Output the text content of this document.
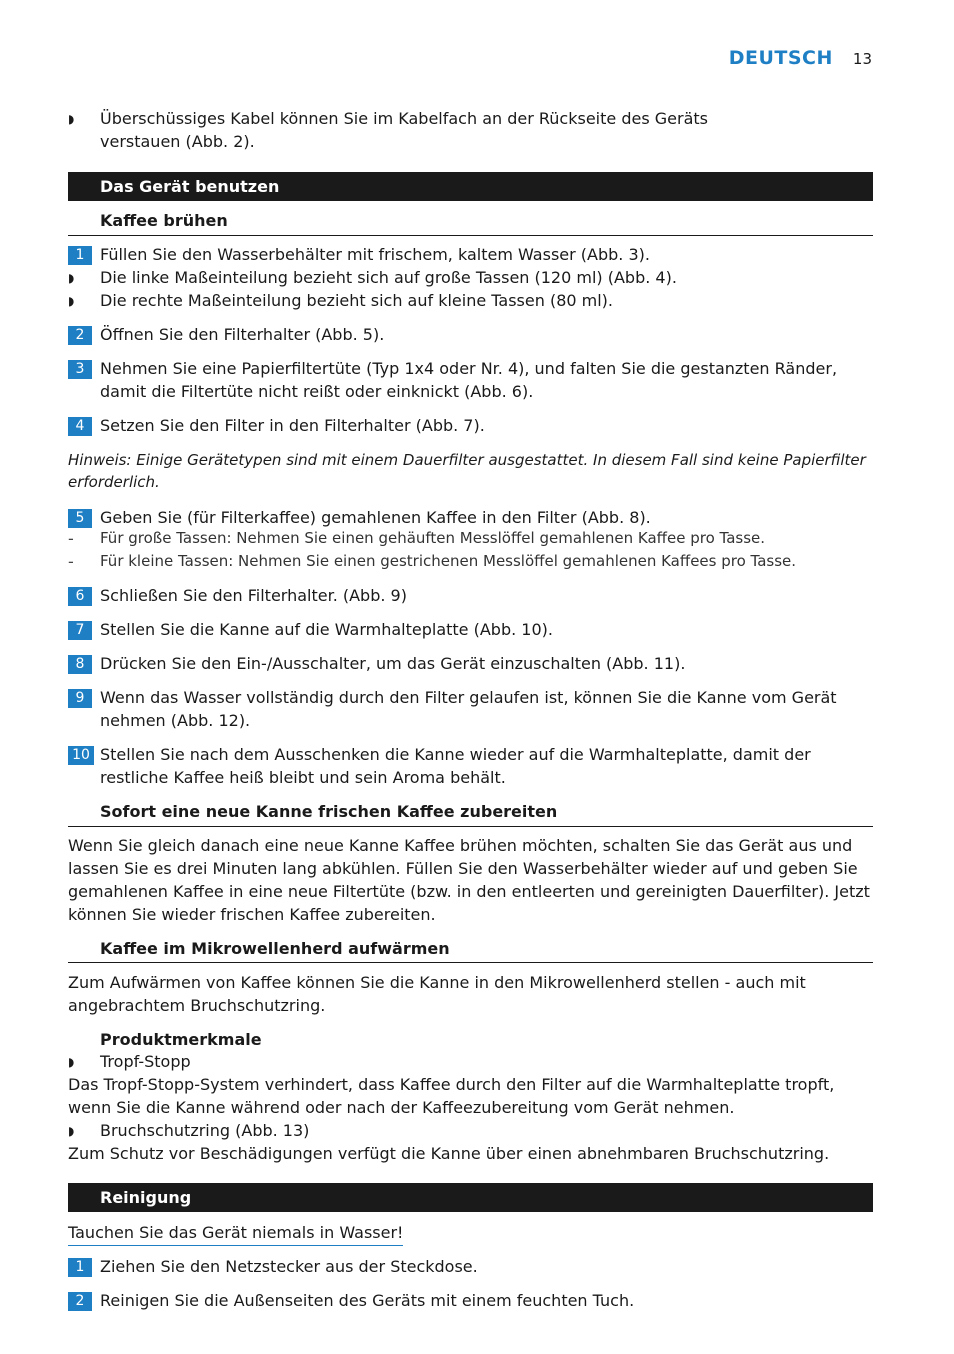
DEUTSCH 13
◗	Überschüssiges Kabel können Sie im Kabelfach an der Rückseite des Geräts
verstauen (Abb. 2).
Das Gerät benutzen
Kaffee brühen
1 Füllen Sie den Wasserbehälter mit frischem, kaltem Wasser (Abb. 3).
◗	Die linke Maßeinteilung bezieht sich auf große Tassen (120 ml) (Abb. 4).
◗	Die rechte Maßeinteilung bezieht sich auf kleine Tassen (80 ml).
2 Öffnen Sie den Filterhalter (Abb. 5).
3 Nehmen Sie eine Papierfiltertüte (Typ 1x4 oder Nr. 4), und falten Sie die gestanzten Ränder,
damit die Filtertüte nicht reißt oder einknickt (Abb. 6).
4 Setzen Sie den Filter in den Filterhalter (Abb. 7).
Hinweis: Einige Gerätetypen sind mit einem Dauerfilter ausgestattet. In diesem Fall sind keine Papierfilter erforderlich.
5 Geben Sie (für Filterkaffee) gemahlenen Kaffee in den Filter (Abb. 8).
-	Für große Tassen: Nehmen Sie einen gehäuften Messlöffel gemahlenen Kaffee pro Tasse.
-	Für kleine Tassen: Nehmen Sie einen gestrichenen Messlöffel gemahlenen Kaffees pro Tasse.
6 Schließen Sie den Filterhalter. (Abb. 9)
7 Stellen Sie die Kanne auf die Warmhalteplatte (Abb. 10).
8 Drücken Sie den Ein-/Ausschalter, um das Gerät einzuschalten (Abb. 11).
9 Wenn das Wasser vollständig durch den Filter gelaufen ist, können Sie die Kanne vom Gerät
nehmen (Abb. 12).
10 Stellen Sie nach dem Ausschenken die Kanne wieder auf die Warmhalteplatte, damit der
restliche Kaffee heiß bleibt und sein Aroma behält.
Sofort eine neue Kanne frischen Kaffee zubereiten
Wenn Sie gleich danach eine neue Kanne Kaffee brühen möchten, schalten Sie das Gerät aus und
lassen Sie es drei Minuten lang abkühlen. Füllen Sie den Wasserbehälter wieder auf und geben Sie
gemahlenen Kaffee in eine neue Filtertüte (bzw. in den entleerten und gereinigten Dauerfilter). Jetzt
können Sie wieder frischen Kaffee zubereiten.
Kaffee im Mikrowellenherd aufwärmen
Zum Aufwärmen von Kaffee können Sie die Kanne in den Mikrowellenherd stellen - auch mit
angebrachtem Bruchschutzring.
Produktmerkmale
◗	Tropf-Stopp
Das Tropf-Stopp-System verhindert, dass Kaffee durch den Filter auf die Warmhalteplatte tropft,
wenn Sie die Kanne während oder nach der Kaffeezubereitung vom Gerät nehmen.
◗	Bruchschutzring (Abb. 13)
Zum Schutz vor Beschädigungen verfügt die Kanne über einen abnehmbaren Bruchschutzring.
Reinigung
Tauchen Sie das Gerät niemals in Wasser!
1 Ziehen Sie den Netzstecker aus der Steckdose.
2 Reinigen Sie die Außenseiten des Geräts mit einem feuchten Tuch.
